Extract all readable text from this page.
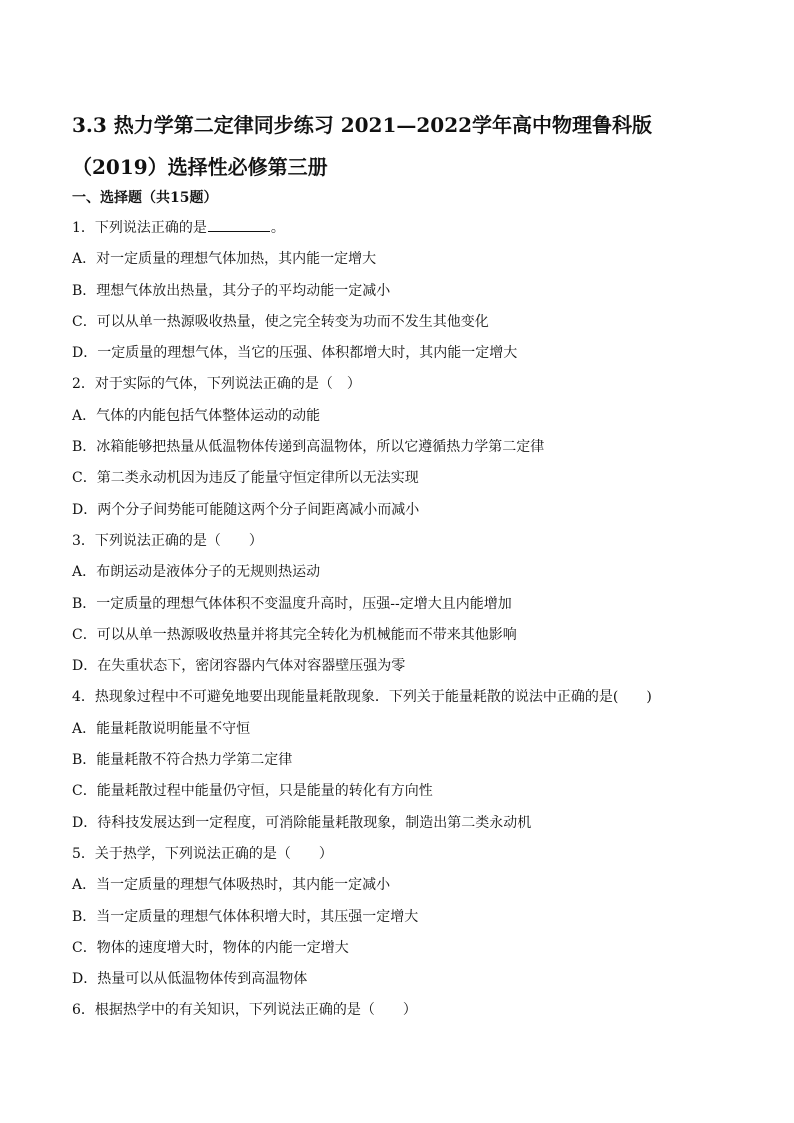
3.3 热力学第二定律同步练习 2021—2022学年高中物理鲁科版
（2019）选择性必修第三册
一、选择题（共15题）
1．下列说法正确的是	。
A．对一定质量的理想气体加热，其内能一定增大
B．理想气体放出热量，其分子的平均动能一定减小
C．可以从单一热源吸收热量，使之完全转变为功而不发生其他变化
D．一定质量的理想气体，当它的压强、体积都增大时，其内能一定增大
2．对于实际的气体，下列说法正确的是（　）
A．气体的内能包括气体整体运动的动能
B．冰箱能够把热量从低温物体传递到高温物体，所以它遵循热力学第二定律
C．第二类永动机因为违反了能量守恒定律所以无法实现
D．两个分子间势能可能随这两个分子间距离减小而减小
3．下列说法正确的是（　　）
A．布朗运动是液体分子的无规则热运动
B．一定质量的理想气体体积不变温度升高时，压强--定增大且内能增加
C．可以从单一热源吸收热量并将其完全转化为机械能而不带来其他影响
D．在失重状态下，密闭容器内气体对容器壁压强为零
4．热现象过程中不可避免地要出现能量耗散现象．下列关于能量耗散的说法中正确的是(　　)
A．能量耗散说明能量不守恒
B．能量耗散不符合热力学第二定律
C．能量耗散过程中能量仍守恒，只是能量的转化有方向性
D．待科技发展达到一定程度，可消除能量耗散现象，制造出第二类永动机
5．关于热学，下列说法正确的是（　　）
A．当一定质量的理想气体吸热时，其内能一定减小
B．当一定质量的理想气体体积增大时，其压强一定增大
C．物体的速度增大时，物体的内能一定增大
D．热量可以从低温物体传到高温物体
6．根据热学中的有关知识，下列说法正确的是（　　）
